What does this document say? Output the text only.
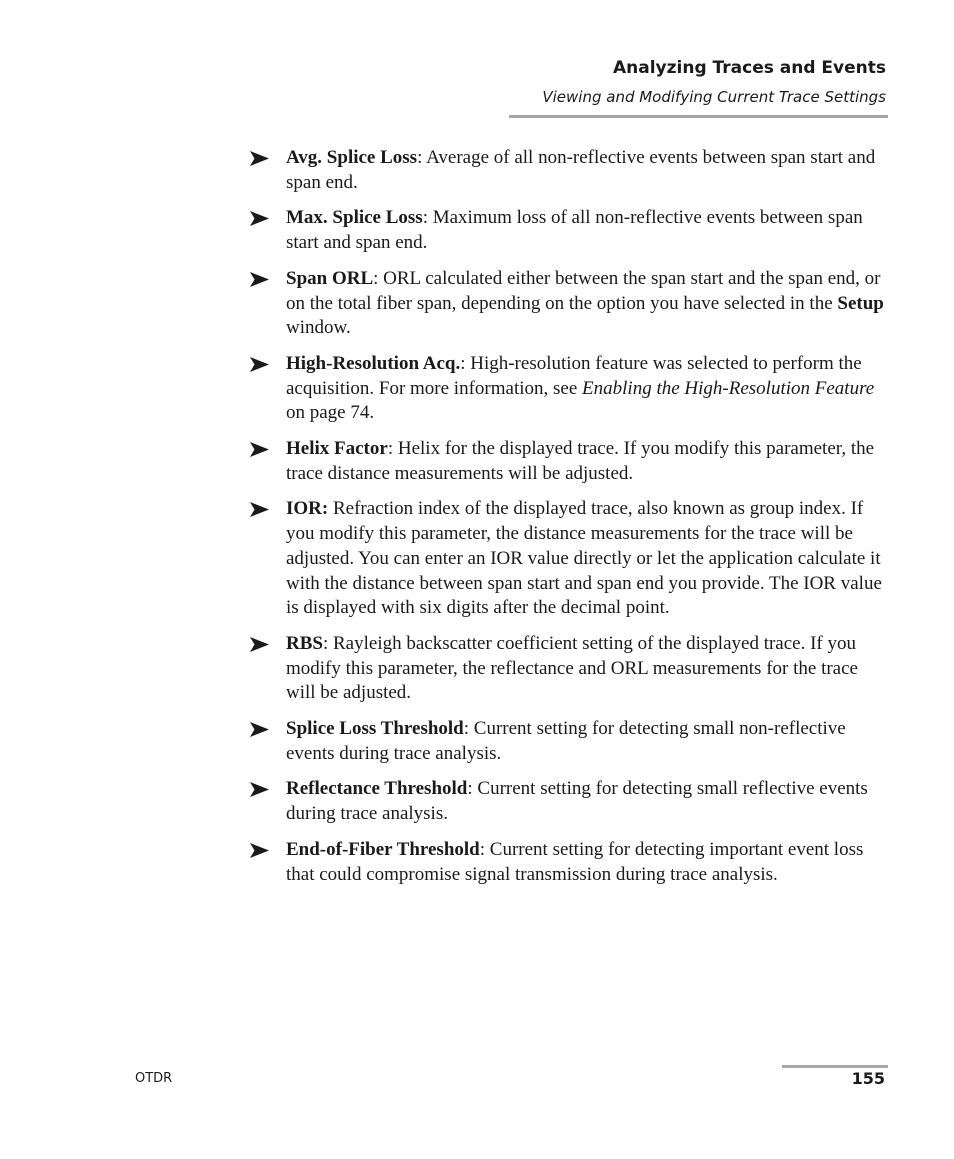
Analyzing Traces and Events
Viewing and Modifying Current Trace Settings
Avg. Splice Loss: Average of all non-reflective events between span start and span end.
Max. Splice Loss: Maximum loss of all non-reflective events between span start and span end.
Span ORL: ORL calculated either between the span start and the span end, or on the total fiber span, depending on the option you have selected in the Setup window.
High-Resolution Acq.: High-resolution feature was selected to perform the acquisition. For more information, see Enabling the High-Resolution Feature on page 74.
Helix Factor: Helix for the displayed trace. If you modify this parameter, the trace distance measurements will be adjusted.
IOR: Refraction index of the displayed trace, also known as group index. If you modify this parameter, the distance measurements for the trace will be adjusted. You can enter an IOR value directly or let the application calculate it with the distance between span start and span end you provide. The IOR value is displayed with six digits after the decimal point.
RBS: Rayleigh backscatter coefficient setting of the displayed trace. If you modify this parameter, the reflectance and ORL measurements for the trace will be adjusted.
Splice Loss Threshold: Current setting for detecting small non-reflective events during trace analysis.
Reflectance Threshold: Current setting for detecting small reflective events during trace analysis.
End-of-Fiber Threshold: Current setting for detecting important event loss that could compromise signal transmission during trace analysis.
OTDR	155
